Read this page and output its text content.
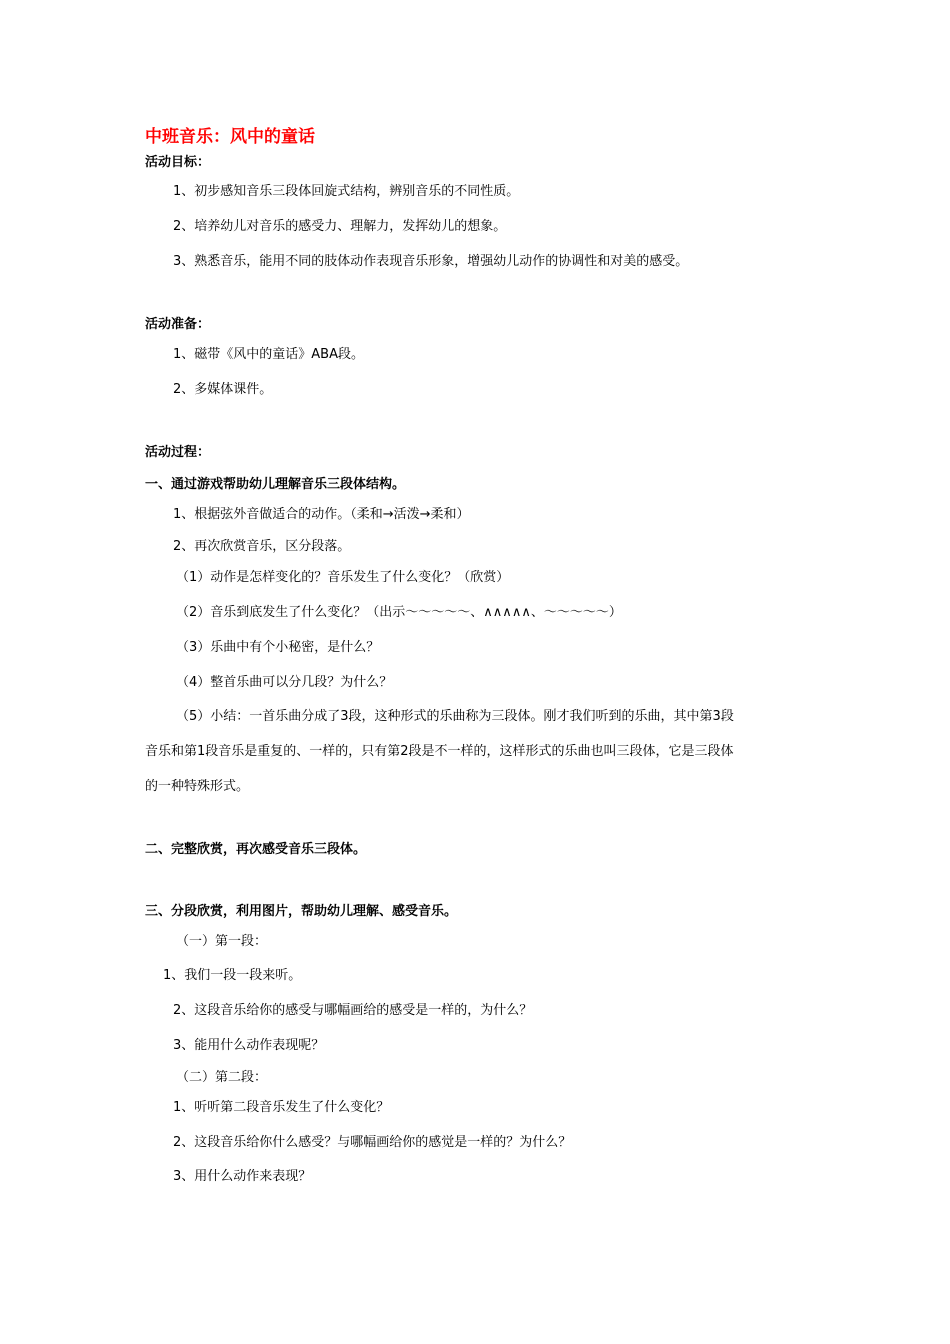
中班音乐：风中的童话
活动目标：
1、初步感知音乐三段体回旋式结构，辨别音乐的不同性质。
2、培养幼儿对音乐的感受力、理解力，发挥幼儿的想象。
3、熟悉音乐，能用不同的肢体动作表现音乐形象，增强幼儿动作的协调性和对美的感受。
活动准备：
1、磁带《风中的童话》ABA段。
2、多媒体课件。
活动过程：
一、通过游戏帮助幼儿理解音乐三段体结构。
1、根据弦外音做适合的动作。（柔和→活泼→柔和）
2、再次欣赏音乐，区分段落。
（1）动作是怎样变化的？音乐发生了什么变化？（欣赏）
（2）音乐到底发生了什么变化？（出示～～～～～、∧∧∧∧∧、～～～～～）
（3）乐曲中有个小秘密，是什么？
（4）整首乐曲可以分几段？为什么？
（5）小结：一首乐曲分成了3段，这种形式的乐曲称为三段体。刚才我们听到的乐曲，其中第3段
音乐和第1段音乐是重复的、一样的，只有第2段是不一样的，这样形式的乐曲也叫三段体，它是三段体
的一种特殊形式。
二、完整欣赏，再次感受音乐三段体。
三、分段欣赏，利用图片，帮助幼儿理解、感受音乐。
（一）第一段：
1、我们一段一段来听。
2、这段音乐给你的感受与哪幅画给的感受是一样的，为什么？
3、能用什么动作表现呢？
（二）第二段：
1、听听第二段音乐发生了什么变化？
2、这段音乐给你什么感受？与哪幅画给你的感觉是一样的？为什么？
3、用什么动作来表现？
